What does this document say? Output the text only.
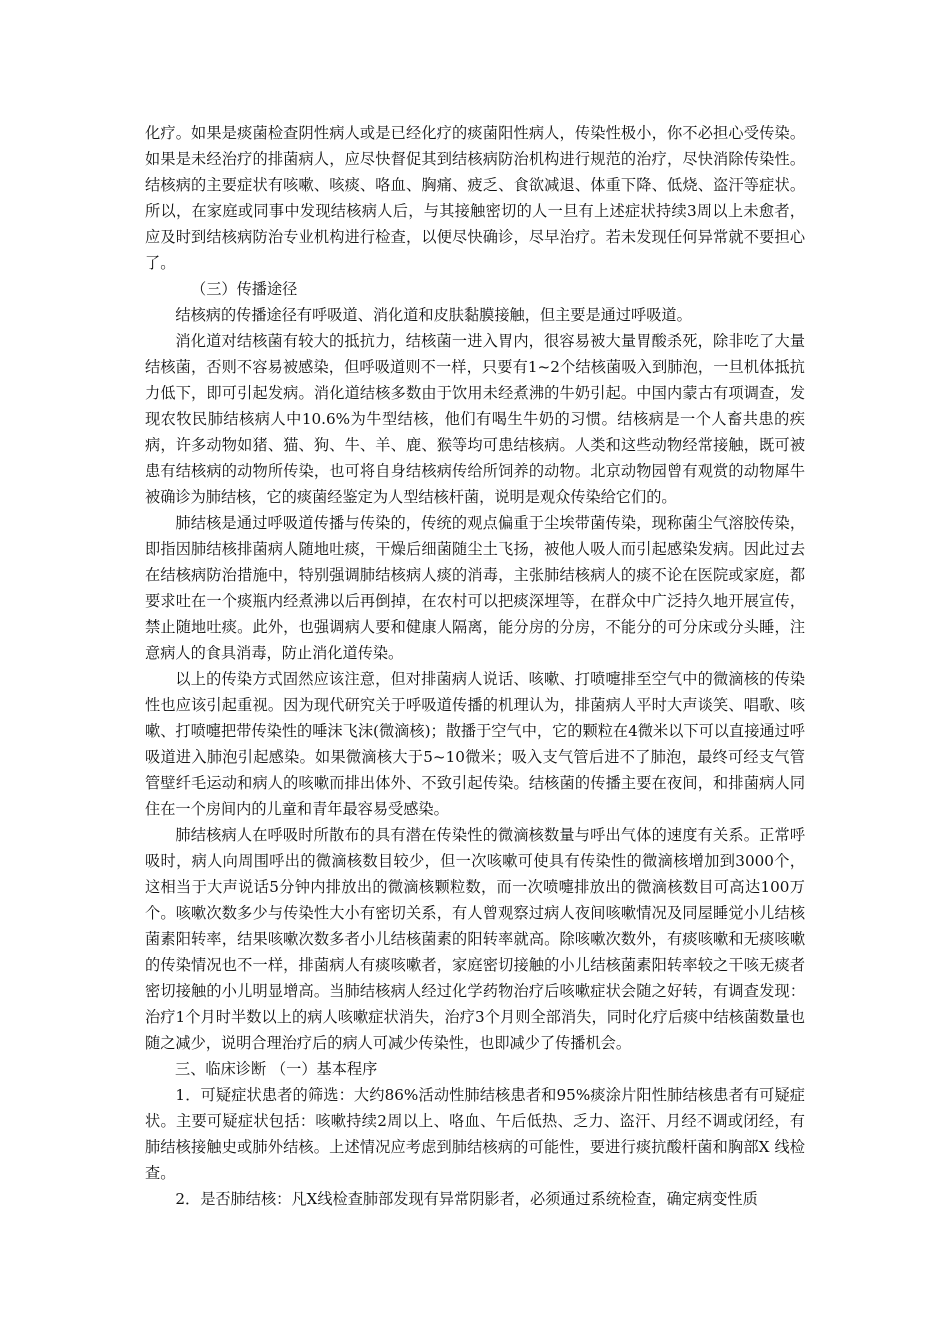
化疗。如果是痰菌检查阴性病人或是已经化疗的痰菌阳性病人，传染性极小，你不必担心受传染。如果是未经治疗的排菌病人，应尽快督促其到结核病防治机构进行规范的治疗，尽快消除传染性。结核病的主要症状有咳嗽、咳痰、咯血、胸痛、疲乏、食欲减退、体重下降、低烧、盗汗等症状。所以，在家庭或同事中发现结核病人后，与其接触密切的人一旦有上述症状持续3周以上未愈者，应及时到结核病防治专业机构进行检查，以便尽快确诊，尽早治疗。若未发现任何异常就不要担心了。

（三）传播途径

结核病的传播途径有呼吸道、消化道和皮肤黏膜接触，但主要是通过呼吸道。

消化道对结核菌有较大的抵抗力，结核菌一进入胃内，很容易被大量胃酸杀死，除非吃了大量结核菌，否则不容易被感染，但呼吸道则不一样，只要有1~2个结核菌吸入到肺泡，一旦机体抵抗力低下，即可引起发病。消化道结核多数由于饮用未经煮沸的牛奶引起。中国内蒙古有项调查，发现农牧民肺结核病人中10.6%为牛型结核，他们有喝生牛奶的习惯。结核病是一个人畜共患的疾病，许多动物如猪、猫、狗、牛、羊、鹿、猴等均可患结核病。人类和这些动物经常接触，既可被患有结核病的动物所传染，也可将自身结核病传给所饲养的动物。北京动物园曾有观赏的动物犀牛被确诊为肺结核，它的痰菌经鉴定为人型结核杆菌，说明是观众传染给它们的。

肺结核是通过呼吸道传播与传染的，传统的观点偏重于尘埃带菌传染，现称菌尘气溶胶传染，即指因肺结核排菌病人随地吐痰，干燥后细菌随尘土飞扬，被他人吸人而引起感染发病。因此过去在结核病防治措施中，特别强调肺结核病人痰的消毒，主张肺结核病人的痰不论在医院或家庭，都要求吐在一个痰瓶内经煮沸以后再倒掉，在农村可以把痰深埋等，在群众中广泛持久地开展宣传，禁止随地吐痰。此外，也强调病人要和健康人隔离，能分房的分房，不能分的可分床或分头睡，注意病人的食具消毒，防止消化道传染。

以上的传染方式固然应该注意，但对排菌病人说话、咳嗽、打喷嚏排至空气中的微滴核的传染性也应该引起重视。因为现代研究关于呼吸道传播的机理认为，排菌病人平时大声谈笑、唱歌、咳嗽、打喷嚏把带传染性的唾沫飞沫(微滴核)；散播于空气中，它的颗粒在4微米以下可以直接通过呼吸道进入肺泡引起感染。如果微滴核大于5~10微米；吸入支气管后进不了肺泡，最终可经支气管管壁纤毛运动和病人的咳嗽而排出体外、不致引起传染。结核菌的传播主要在夜间，和排菌病人同住在一个房间内的儿童和青年最容易受感染。

肺结核病人在呼吸时所散布的具有潜在传染性的微滴核数量与呼出气体的速度有关系。正常呼吸时，病人向周围呼出的微滴核数目较少，但一次咳嗽可使具有传染性的微滴核增加到3000个，这相当于大声说话5分钟内排放出的微滴核颗粒数，而一次喷嚏排放出的微滴核数目可高达100万个。咳嗽次数多少与传染性大小有密切关系，有人曾观察过病人夜间咳嗽情况及同屋睡觉小儿结核菌素阳转率，结果咳嗽次数多者小儿结核菌素的阳转率就高。除咳嗽次数外，有痰咳嗽和无痰咳嗽的传染情况也不一样，排菌病人有痰咳嗽者，家庭密切接触的小儿结核菌素阳转率较之干咳无痰者密切接触的小儿明显增高。当肺结核病人经过化学药物治疗后咳嗽症状会随之好转，有调查发现：治疗1个月时半数以上的病人咳嗽症状消失，治疗3个月则全部消失，同时化疗后痰中结核菌数量也随之减少，说明合理治疗后的病人可减少传染性，也即减少了传播机会。

三、临床诊断 （一）基本程序

1．可疑症状患者的筛选：大约86%活动性肺结核患者和95%痰涂片阳性肺结核患者有可疑症状。主要可疑症状包括：咳嗽持续2周以上、咯血、午后低热、乏力、盗汗、月经不调或闭经，有肺结核接触史或肺外结核。上述情况应考虑到肺结核病的可能性，要进行痰抗酸杆菌和胸部X 线检查。

2．是否肺结核：凡X线检查肺部发现有异常阴影者，必须通过系统检查，确定病变性质
